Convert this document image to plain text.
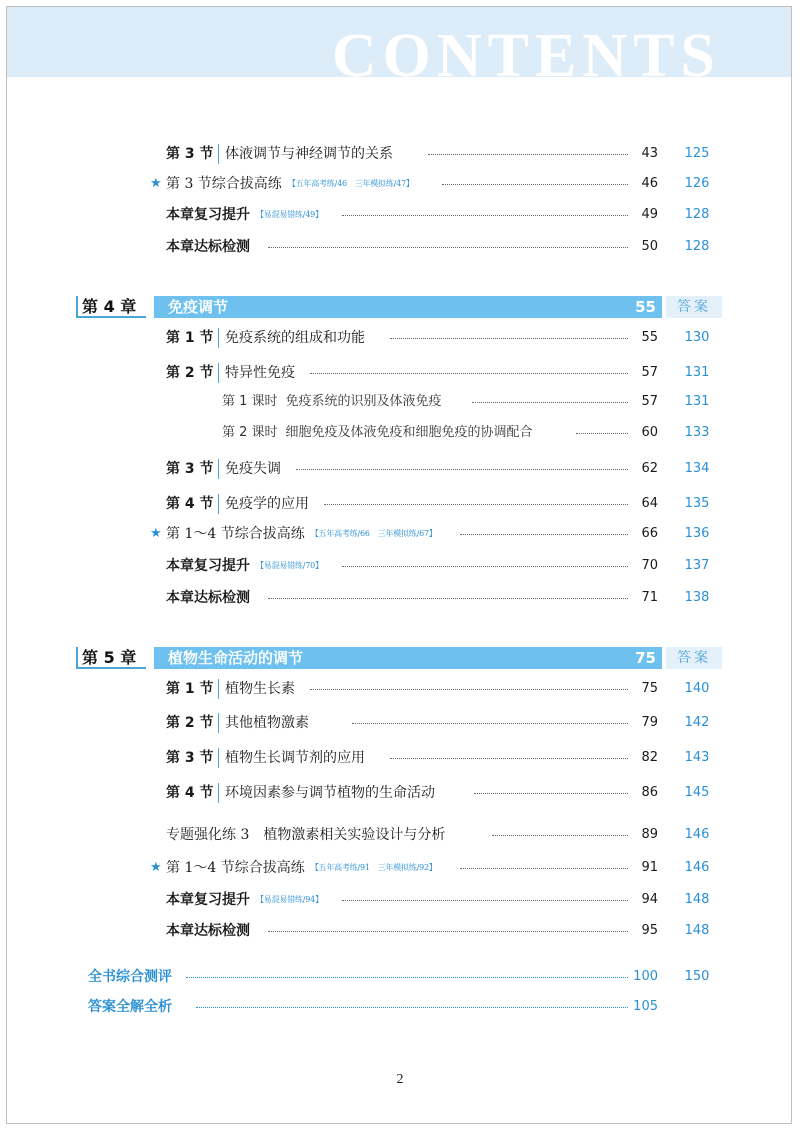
CONTENTS
第 3 节 体液调节与神经调节的关系	43 125
★ 第 3 节综合拔高练 【五年高考练/46　三年模拟练/47】	46 126
本章复习提升 【易混易错练/49】	49 128
本章达标检测	50 128
第 4 章	免疫调节	55	答案
第 1 节 免疫系统的组成和功能	55 130
第 2 节 特异性免疫	57 131
第 1 课时 免疫系统的识别及体液免疫	57 131
第 2 课时 细胞免疫及体液免疫和细胞免疫的协调配合	60 133
第 3 节 免疫失调	62 134
第 4 节 免疫学的应用	64 135
★ 第 1～4 节综合拔高练 【五年高考练/66　三年模拟练/67】	66 136
本章复习提升 【易混易错练/70】	70 137
本章达标检测	71 138
第 5 章	植物生命活动的调节	75	答案
第 1 节 植物生长素	75 140
第 2 节 其他植物激素	79 142
第 3 节 植物生长调节剂的应用	82 143
第 4 节 环境因素参与调节植物的生命活动	86 145
专题强化练 3　植物激素相关实验设计与分析	89 146
★ 第 1～4 节综合拔高练 【五年高考练/91　三年模拟练/92】	91 146
本章复习提升 【易混易错练/94】	94 148
本章达标检测	95 148
全书综合测评	100 150
答案全解全析	105
2
